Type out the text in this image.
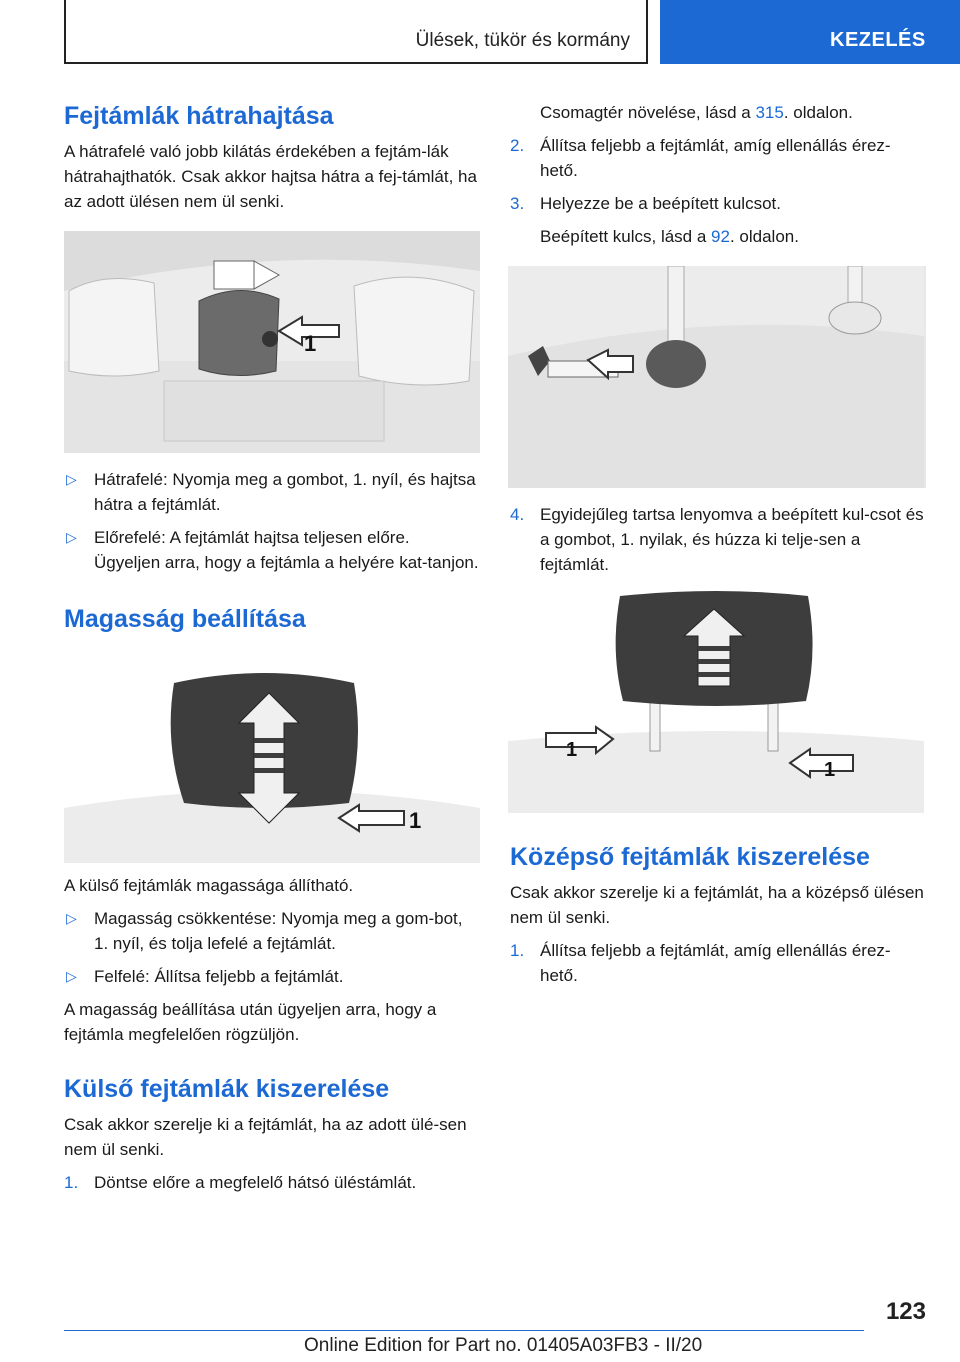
Ülések, tükör és kormány	KEZELÉS
Fejtámlák hátrahajtása

A hátrafelé való jobb kilátás érdekében a fejtám-lák hátrahajthatók. Csak akkor hajtsa hátra a fej-támlát, ha az adott ülésen nem ül senki.

1
▷ Hátrafelé: Nyomja meg a gombot, 1. nyíl, és hajtsa hátra a fejtámlát.
▷ Előrefelé: A fejtámlát hajtsa teljesen előre. Ügyeljen arra, hogy a fejtámla a helyére kat-tanjon.
Magasság beállítása
1

A külső fejtámlák magassága állítható.

▷ Magasság csökkentése: Nyomja meg a gom-bot, 1. nyíl, és tolja lefelé a fejtámlát.
▷ Felfelé: Állítsa feljebb a fejtámlát.

A magasság beállítása után ügyeljen arra, hogy a fejtámla megfelelően rögzüljön.

Külső fejtámlák kiszerelése

Csak akkor szerelje ki a fejtámlát, ha az adott ülé-sen nem ül senki.

1. Döntse előre a megfelelő hátsó üléstámlát.
Csomagtér növelése, lásd a 315. oldalon.
2. Állítsa feljebb a fejtámlát, amíg ellenállás érez-hető.
3. Helyezze be a beépített kulcsot.
Beépített kulcs, lásd a 92. oldalon.
4. Egyidejűleg tartsa lenyomva a beépített kul-csot és a gombot, 1. nyilak, és húzza ki telje-sen a fejtámlát.
1
1
Középső fejtámlák kiszerelése

Csak akkor szerelje ki a fejtámlát, ha a középső ülésen nem ül senki.

1. Állítsa feljebb a fejtámlát, amíg ellenállás érez-hető.
123
Online Edition for Part no. 01405A03FB3 - II/20
